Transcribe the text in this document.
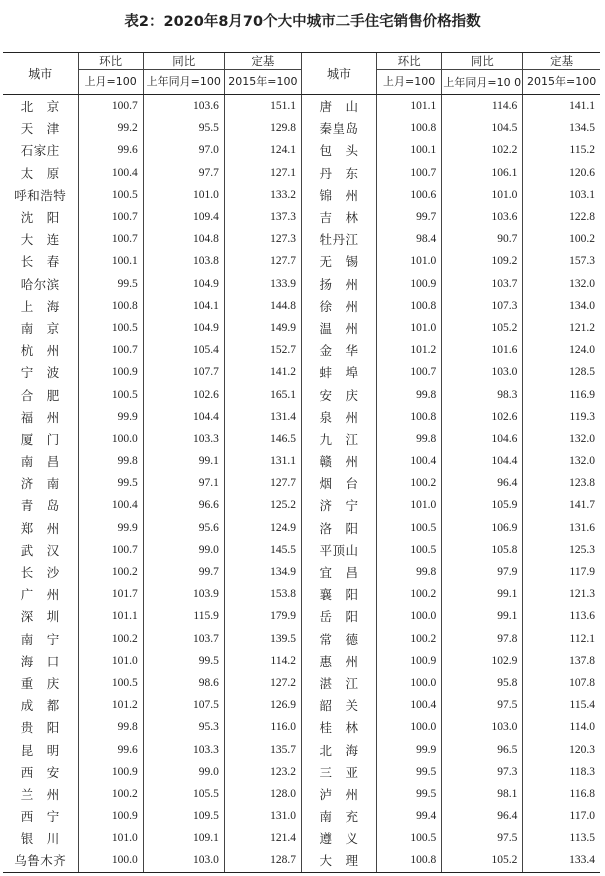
表2：2020年8月70个大中城市二手住宅销售价格指数
城市	环比	同比	定基	城市	环比	同比	定基
	上月=100	上年同月=100	2015年=100		上月=100	上年同月=10 0	2015年=100
北　京	100.7	103.6	151.1	唐　山	101.1	114.6	141.1
天　津	99.2	95.5	129.8	秦皇岛	100.8	104.5	134.5
石家庄	99.6	97.0	124.1	包　头	100.1	102.2	115.2
太　原	100.4	97.7	127.1	丹　东	100.7	106.1	120.6
呼和浩特	100.5	101.0	133.2	锦　州	100.6	101.0	103.1
沈　阳	100.7	109.4	137.3	吉　林	99.7	103.6	122.8
大　连	100.7	104.8	127.3	牡丹江	98.4	90.7	100.2
长　春	100.1	103.8	127.7	无　锡	101.0	109.2	157.3
哈尔滨	99.5	104.9	133.9	扬　州	100.9	103.7	132.0
上　海	100.8	104.1	144.8	徐　州	100.8	107.3	134.0
南　京	100.5	104.9	149.9	温　州	101.0	105.2	121.2
杭　州	100.7	105.4	152.7	金　华	101.2	101.6	124.0
宁　波	100.9	107.7	141.2	蚌　埠	100.7	103.0	128.5
合　肥	100.5	102.6	165.1	安　庆	99.8	98.3	116.9
福　州	99.9	104.4	131.4	泉　州	100.8	102.6	119.3
厦　门	100.0	103.3	146.5	九　江	99.8	104.6	132.0
南　昌	99.8	99.1	131.1	赣　州	100.4	104.4	132.0
济　南	99.5	97.1	127.7	烟　台	100.2	96.4	123.8
青　岛	100.4	96.6	125.2	济　宁	101.0	105.9	141.7
郑　州	99.9	95.6	124.9	洛　阳	100.5	106.9	131.6
武　汉	100.7	99.0	145.5	平顶山	100.5	105.8	125.3
长　沙	100.2	99.7	134.9	宜　昌	99.8	97.9	117.9
广　州	101.7	103.9	153.8	襄　阳	100.2	99.1	121.3
深　圳	101.1	115.9	179.9	岳　阳	100.0	99.1	113.6
南　宁	100.2	103.7	139.5	常　德	100.2	97.8	112.1
海　口	101.0	99.5	114.2	惠　州	100.9	102.9	137.8
重　庆	100.5	98.6	127.2	湛　江	100.0	95.8	107.8
成　都	101.2	107.5	126.9	韶　关	100.4	97.5	115.4
贵　阳	99.8	95.3	116.0	桂　林	100.0	103.0	114.0
昆　明	99.6	103.3	135.7	北　海	99.9	96.5	120.3
西　安	100.9	99.0	123.2	三　亚	99.5	97.3	118.3
兰　州	100.2	105.5	128.0	泸　州	99.5	98.1	116.8
西　宁	100.9	109.5	131.0	南　充	99.4	96.4	117.0
银　川	101.0	109.1	121.4	遵　义	100.5	97.5	113.5
乌鲁木齐	100.0	103.0	128.7	大　理	100.8	105.2	133.4
